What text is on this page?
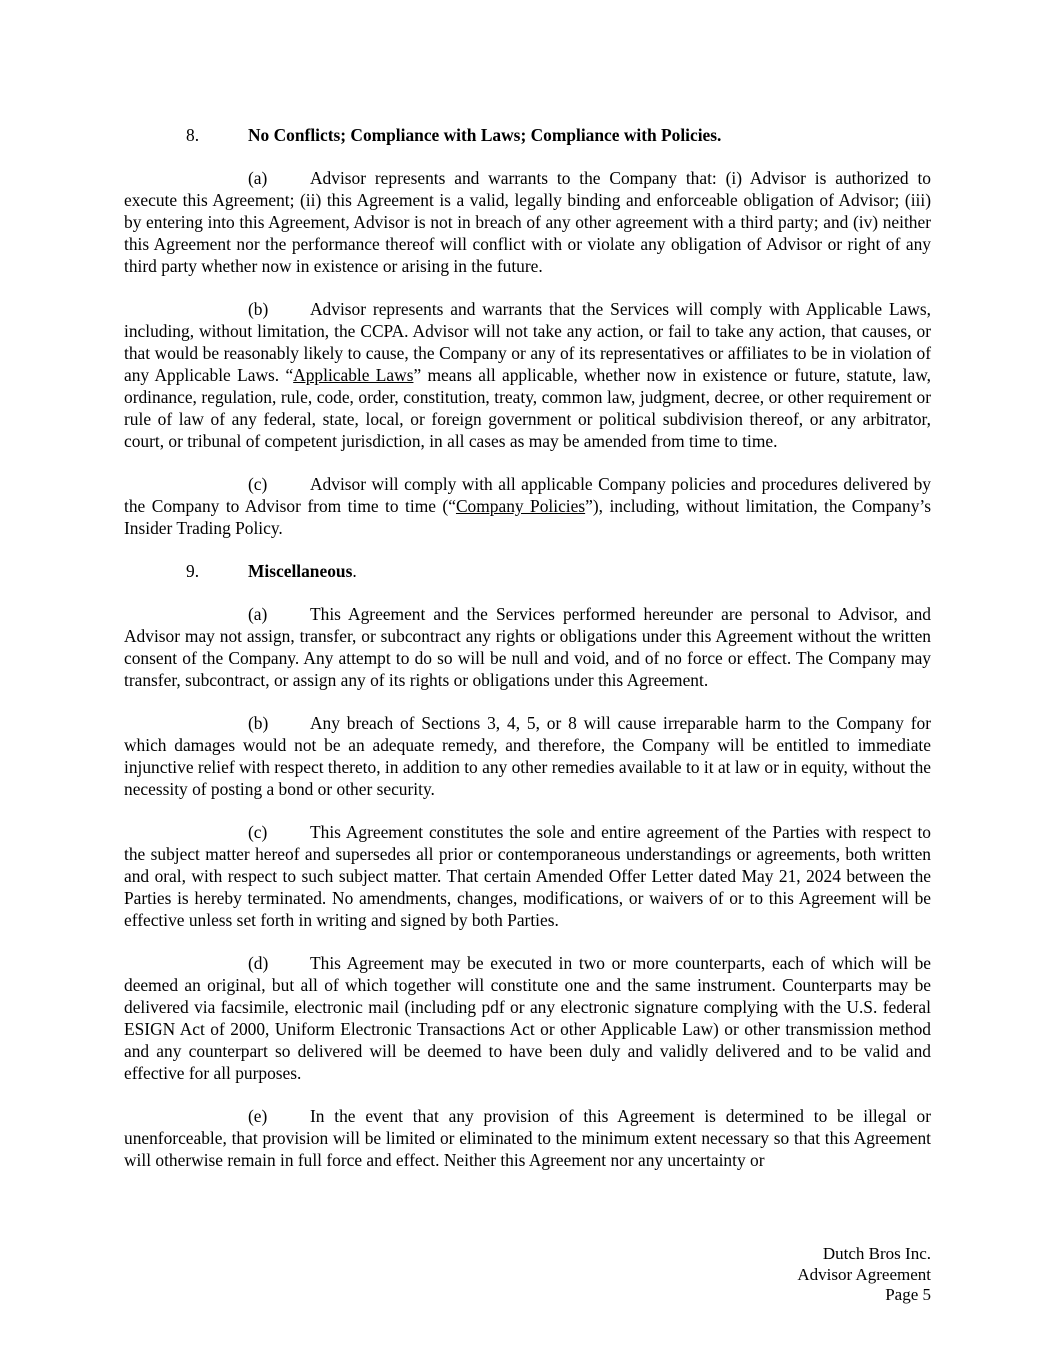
8.	No Conflicts; Compliance with Laws; Compliance with Policies.

(a) Advisor represents and warrants to the Company that: (i) Advisor is authorized to execute this Agreement; (ii) this Agreement is a valid, legally binding and enforceable obligation of Advisor; (iii) by entering into this Agreement, Advisor is not in breach of any other agreement with a third party; and (iv) neither this Agreement nor the performance thereof will conflict with or violate any obligation of Advisor or right of any third party whether now in existence or arising in the future.

(b) Advisor represents and warrants that the Services will comply with Applicable Laws, including, without limitation, the CCPA. Advisor will not take any action, or fail to take any action, that causes, or that would be reasonably likely to cause, the Company or any of its representatives or affiliates to be in violation of any Applicable Laws. “Applicable Laws” means all applicable, whether now in existence or future, statute, law, ordinance, regulation, rule, code, order, constitution, treaty, common law, judgment, decree, or other requirement or rule of law of any federal, state, local, or foreign government or political subdivision thereof, or any arbitrator, court, or tribunal of competent jurisdiction, in all cases as may be amended from time to time.

(c) Advisor will comply with all applicable Company policies and procedures delivered by the Company to Advisor from time to time (“Company Policies”), including, without limitation, the Company’s Insider Trading Policy.

9.	Miscellaneous.

(a) This Agreement and the Services performed hereunder are personal to Advisor, and Advisor may not assign, transfer, or subcontract any rights or obligations under this Agreement without the written consent of the Company. Any attempt to do so will be null and void, and of no force or effect. The Company may transfer, subcontract, or assign any of its rights or obligations under this Agreement.

(b) Any breach of Sections 3, 4, 5, or 8 will cause irreparable harm to the Company for which damages would not be an adequate remedy, and therefore, the Company will be entitled to immediate injunctive relief with respect thereto, in addition to any other remedies available to it at law or in equity, without the necessity of posting a bond or other security.

(c) This Agreement constitutes the sole and entire agreement of the Parties with respect to the subject matter hereof and supersedes all prior or contemporaneous understandings or agreements, both written and oral, with respect to such subject matter. That certain Amended Offer Letter dated May 21, 2024 between the Parties is hereby terminated. No amendments, changes, modifications, or waivers of or to this Agreement will be effective unless set forth in writing and signed by both Parties.

(d) This Agreement may be executed in two or more counterparts, each of which will be deemed an original, but all of which together will constitute one and the same instrument. Counterparts may be delivered via facsimile, electronic mail (including pdf or any electronic signature complying with the U.S. federal ESIGN Act of 2000, Uniform Electronic Transactions Act or other Applicable Law) or other transmission method and any counterpart so delivered will be deemed to have been duly and validly delivered and to be valid and effective for all purposes.

(e) In the event that any provision of this Agreement is determined to be illegal or unenforceable, that provision will be limited or eliminated to the minimum extent necessary so that this Agreement will otherwise remain in full force and effect. Neither this Agreement nor any uncertainty or

Dutch Bros Inc.
Advisor Agreement
Page 5
